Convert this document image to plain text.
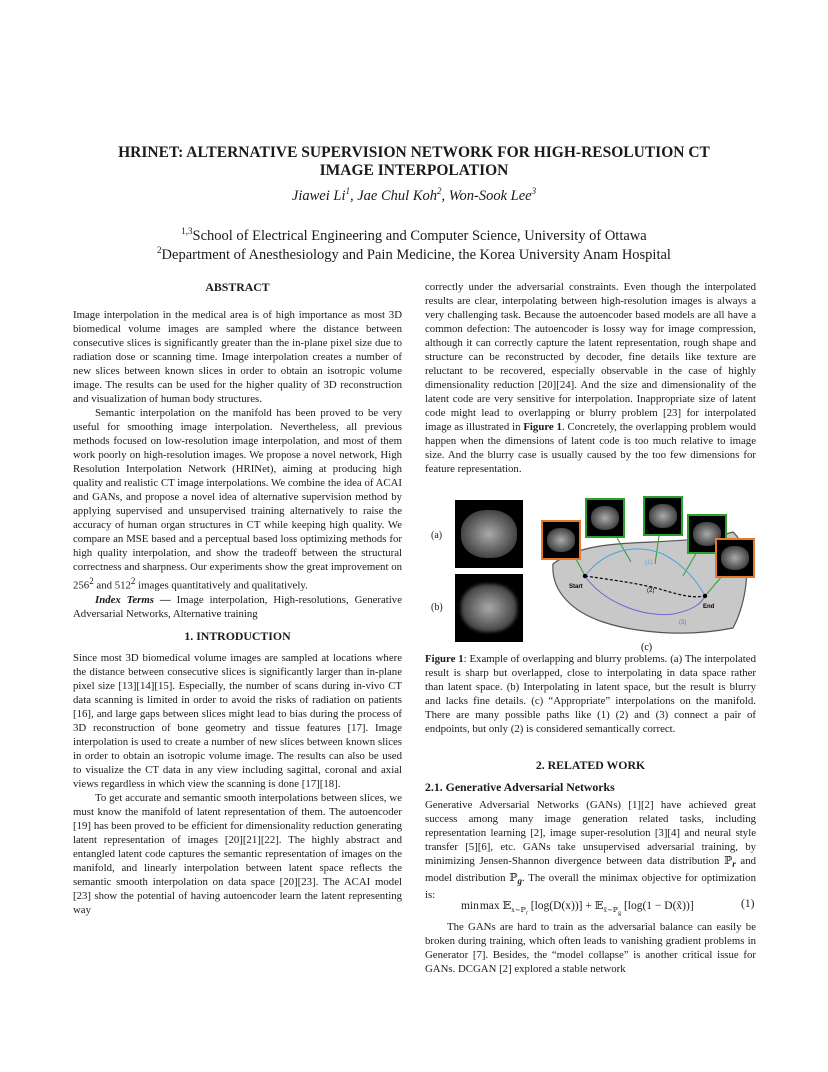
HRINET: ALTERNATIVE SUPERVISION NETWORK FOR HIGH-RESOLUTION CT
IMAGE INTERPOLATION
Jiawei Li$^1$, Jae Chul Koh$^2$, Won-Sook Lee$^3$
$^{1,3}$School of Electrical Engineering and Computer Science, University of Ottawa
$^2$Department of Anesthesiology and Pain Medicine, the Korea University Anam Hospital
ABSTRACT

Image interpolation in the medical area is of high importance as most 3D biomedical volume images are sampled where the distance between consecutive slices is significantly greater than the in-plane pixel size due to radiation dose or scanning time. Image interpolation creates a number of new slices between known slices in order to obtain an isotropic volume image. The results can be used for the higher quality of 3D reconstruction and visualization of human body structures.

Semantic interpolation on the manifold has been proved to be very useful for smoothing image interpolation. Nevertheless, all previous methods focused on low-resolution image interpolation, and most of them work poorly on high-resolution images. We propose a novel network, High Resolution Interpolation Network (HRINet), aiming at producing high quality and realistic CT image interpolations. We combine the idea of ACAI and GANs, and propose a novel idea of alternative supervision method by applying supervised and unsupervised training alternatively to raise the accuracy of human organ structures in CT while keeping high quality. We compare an MSE based and a perceptual based loss optimizing methods for high quality interpolation, and show the tradeoff between the structural correctness and sharpness. Our experiments show the great improvement on $256^2$ and $512^2$ images quantitatively and qualitatively.

Index Terms — Image interpolation, High-resolutions, Generative Adversarial Networks, Alternative training

1. INTRODUCTION

Since most 3D biomedical volume images are sampled at locations where the distance between consecutive slices is significantly larger than in-plane pixel size [13][14][15]. Especially, the number of scans during in-vivo CT data scanning is limited in order to avoid the risks of radiation on patients [16], and large gaps between slices might lead to bias during the process of 3D reconstruction of bone geometry and tissue features [17]. Image interpolation is used to create a number of new slices between known slices in order to obtain an isotropic volume image. The results can also be used to visualize the CT data in any view including sagittal, coronal and axial views regardless in which view the scanning is done [17][18].

To get accurate and semantic smooth interpolations between slices, we must know the manifold of latent representation of them. The autoencoder [19] has been proved to be efficient for dimensionality reduction generating latent representation of images [20][21][22]. The highly abstract and entangled latent code captures the semantic representation of images on the manifold, and linearly interpolation between latent space reflects the semantic smooth interpolation on data space [20][23]. The ACAI model [23] show the potential of having autoencoder learn the latent representing way

correctly under the adversarial constraints. Even though the interpolated results are clear, interpolating between high-resolution images is always a very challenging task. Because the autoencoder based models are all have a common defection: The autoencoder is lossy way for image compression, although it can correctly capture the latent representation, rough shape and structure can be reconstructed by decoder, fine details like texture are reluctant to be recovered, especially observable in the case of highly dimensionality reduction [20][24]. And the size and dimensionality of the latent code are very sensitive for interpolation. Inappropriate size of latent code might lead to overlapping or blurry problem [23] for interpolated image as illustrated in Figure 1. Concretely, the overlapping problem would happen when the dimensions of latent code is too much relative to image size. And the blurry case is usually caused by the too few dimensions for feature representation.

(a)
(b)
Start
End
(1)
(2)
(3)
(c)
Figure 1: Example of overlapping and blurry problems. (a) The interpolated result is sharp but overlapped, close to interpolating in data space rather than latent space. (b) Interpolating in latent space, but the result is blurry and lacks fine details. (c) “Appropriate” interpolations on the manifold. There are many possible paths like (1) (2) and (3) connect a pair of endpoints, but only (2) is considered semantically correct.
2. RELATED WORK
2.1. Generative Adversarial Networks

Generative Adversarial Networks (GANs) [1][2] have achieved great success among many image generation related tasks, including representation learning [2], image super-resolution [3][4] and neural style transfer [5][6], etc. GANs take unsupervised adversarial training, by minimizing Jensen-Shannon divergence between data distribution ℙ$_r$ and model distribution ℙ$_g$. The overall the minimax objective for optimization is:

min max 𝔼$_{x\sim ℙ_r}$ [log(D(x))] + 𝔼$_{x̃\sim ℙ_g}$ [log(1 − D(x̃))]	(1)

The GANs are hard to train as the adversarial balance can easily be broken during training, which often leads to vanishing gradient problems in Generator [7]. Besides, the “model collapse” is another critical issue for GANs. DCGAN [2] explored a stable network
